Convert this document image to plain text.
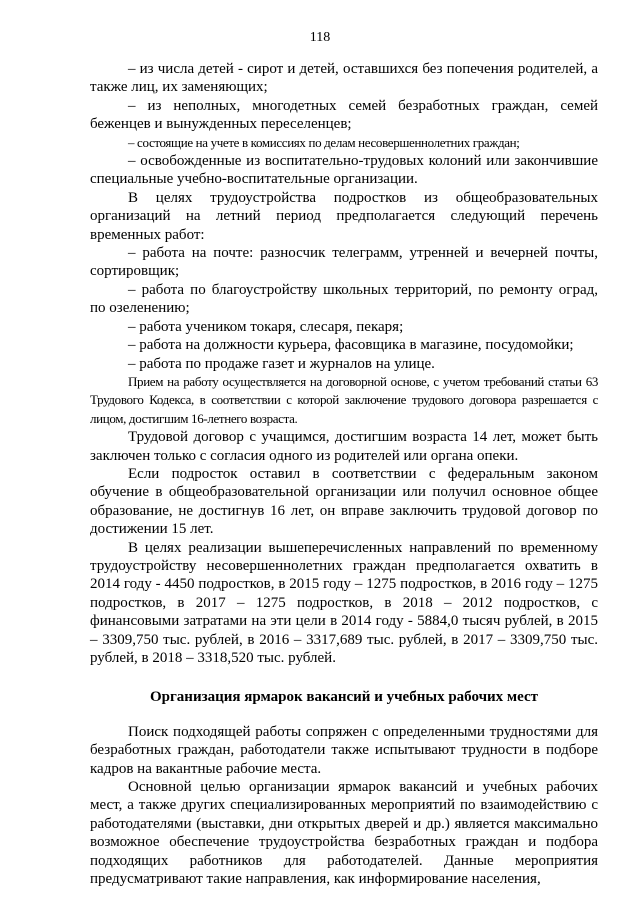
118

– из числа детей - сирот и детей, оставшихся без попечения родителей, а также лиц, их заменяющих;

– из неполных, многодетных семей безработных граждан, семей беженцев и вынужденных переселенцев;

– состоящие на учете в комиссиях по делам несовершеннолетних граждан;

– освобожденные из воспитательно-трудовых колоний или закончившие специальные учебно-воспитательные организации.

В целях трудоустройства подростков из общеобразовательных организаций на летний период предполагается следующий перечень временных работ:

– работа на почте: разносчик телеграмм, утренней и вечерней почты, сортировщик;

– работа по благоустройству школьных территорий, по ремонту оград, по озеленению;

– работа учеником токаря, слесаря, пекаря;

– работа на должности курьера, фасовщика в магазине, посудомойки;

– работа по продаже газет и журналов на улице.

Прием на работу осуществляется на договорной основе, с учетом требований статьи 63 Трудового Кодекса, в соответствии с которой заключение трудового договора разрешается с лицом, достигшим 16-летнего возраста.

Трудовой договор с учащимся, достигшим возраста 14 лет, может быть заключен только с согласия одного из родителей или органа опеки.

Если подросток оставил в соответствии с федеральным законом обучение в общеобразовательной организации или получил основное общее образование, не достигнув 16 лет, он вправе заключить трудовой договор по достижении 15 лет.

В целях реализации вышеперечисленных направлений по временному трудоустройству несовершеннолетних граждан предполагается охватить в 2014 году - 4450 подростков, в 2015 году – 1275 подростков, в 2016 году – 1275 подростков, в 2017 – 1275 подростков, в 2018 – 2012 подростков, с финансовыми затратами на эти цели в 2014 году - 5884,0 тысяч рублей, в 2015 – 3309,750 тыс. рублей, в 2016 – 3317,689 тыс. рублей, в 2017 – 3309,750 тыс. рублей, в 2018 – 3318,520 тыс. рублей.

Организация ярмарок вакансий и учебных рабочих мест

Поиск подходящей работы сопряжен с определенными трудностями для безработных граждан, работодатели также испытывают трудности в подборе кадров на вакантные рабочие места.

Основной целью организации ярмарок вакансий и учебных рабочих мест, а также других специализированных мероприятий по взаимодействию с работодателями (выставки, дни открытых дверей и др.) является максимально возможное обеспечение трудоустройства безработных граждан и подбора подходящих работников для работодателей. Данные мероприятия предусматривают такие направления, как информирование населения,
